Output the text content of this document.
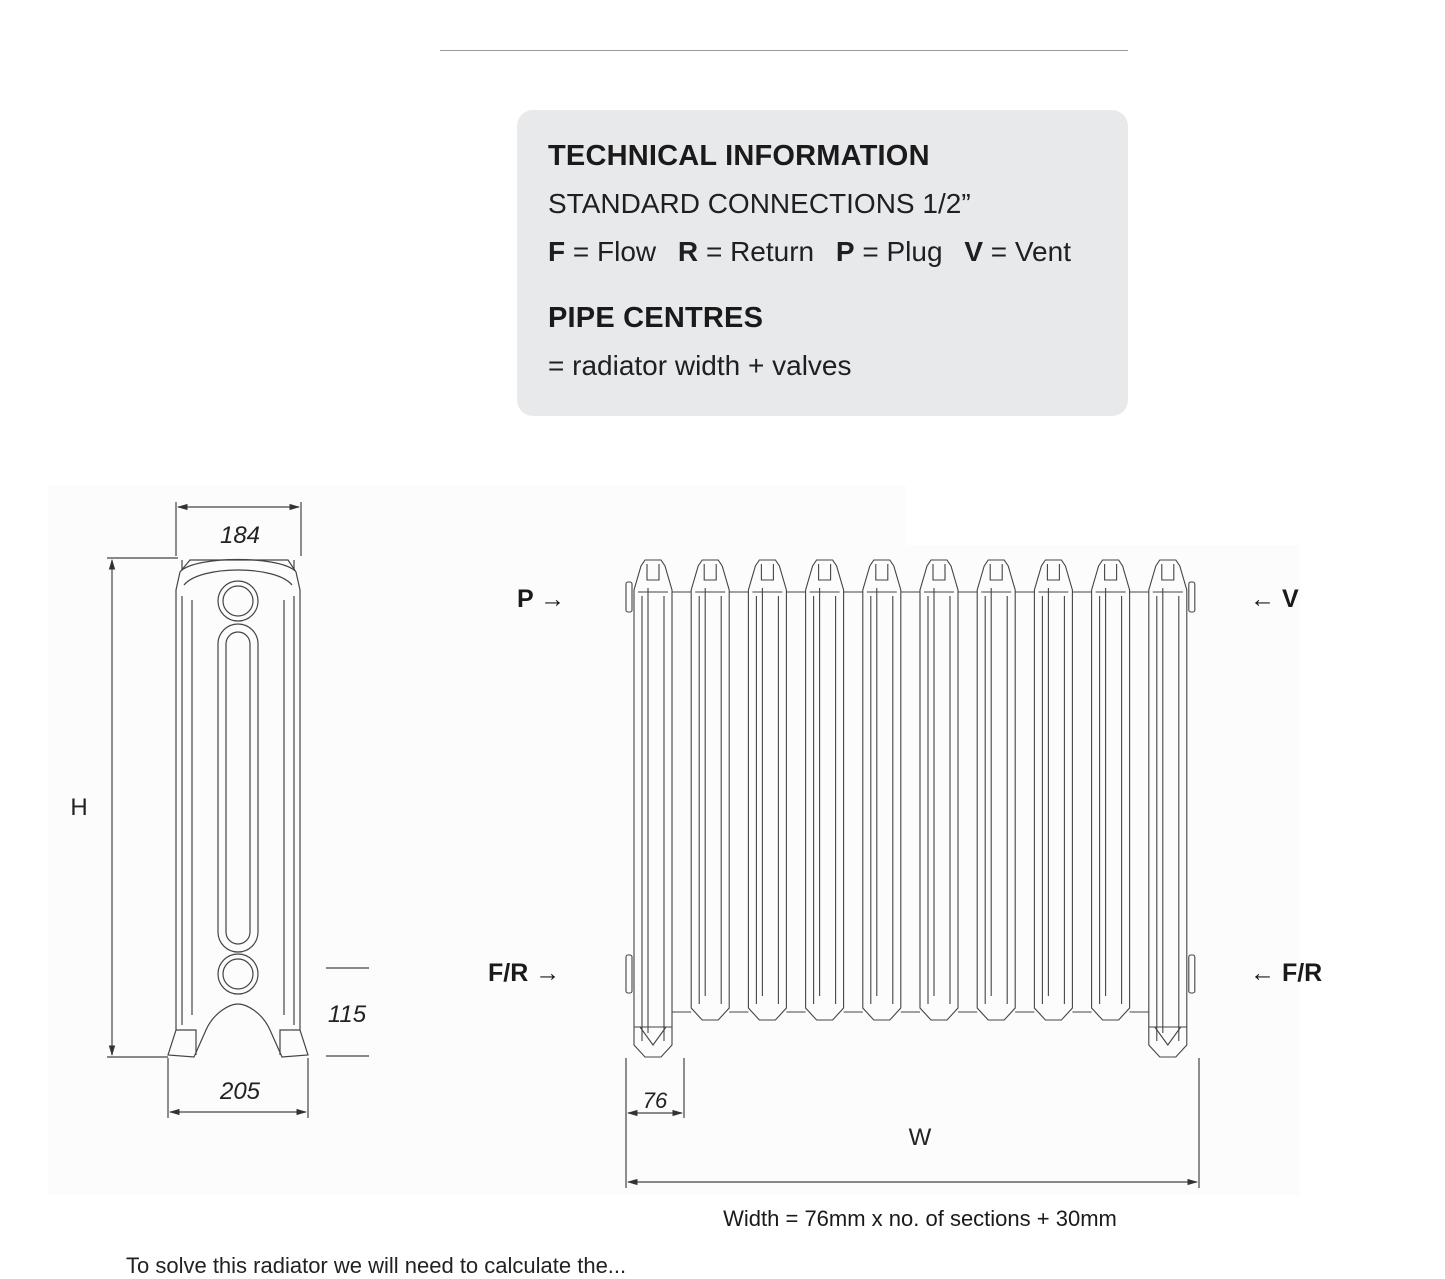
TECHNICAL INFORMATION
STANDARD CONNECTIONS 1/2”
F = Flow R = Return P = Plug V = Vent
PIPE CENTRES
= radiator width + valves
184
205
H
115
76
W
P →	← V
F/R →	← F/R
Width = 76mm x no. of sections + 30mm
To solve this radiator we will need to calculate the...
